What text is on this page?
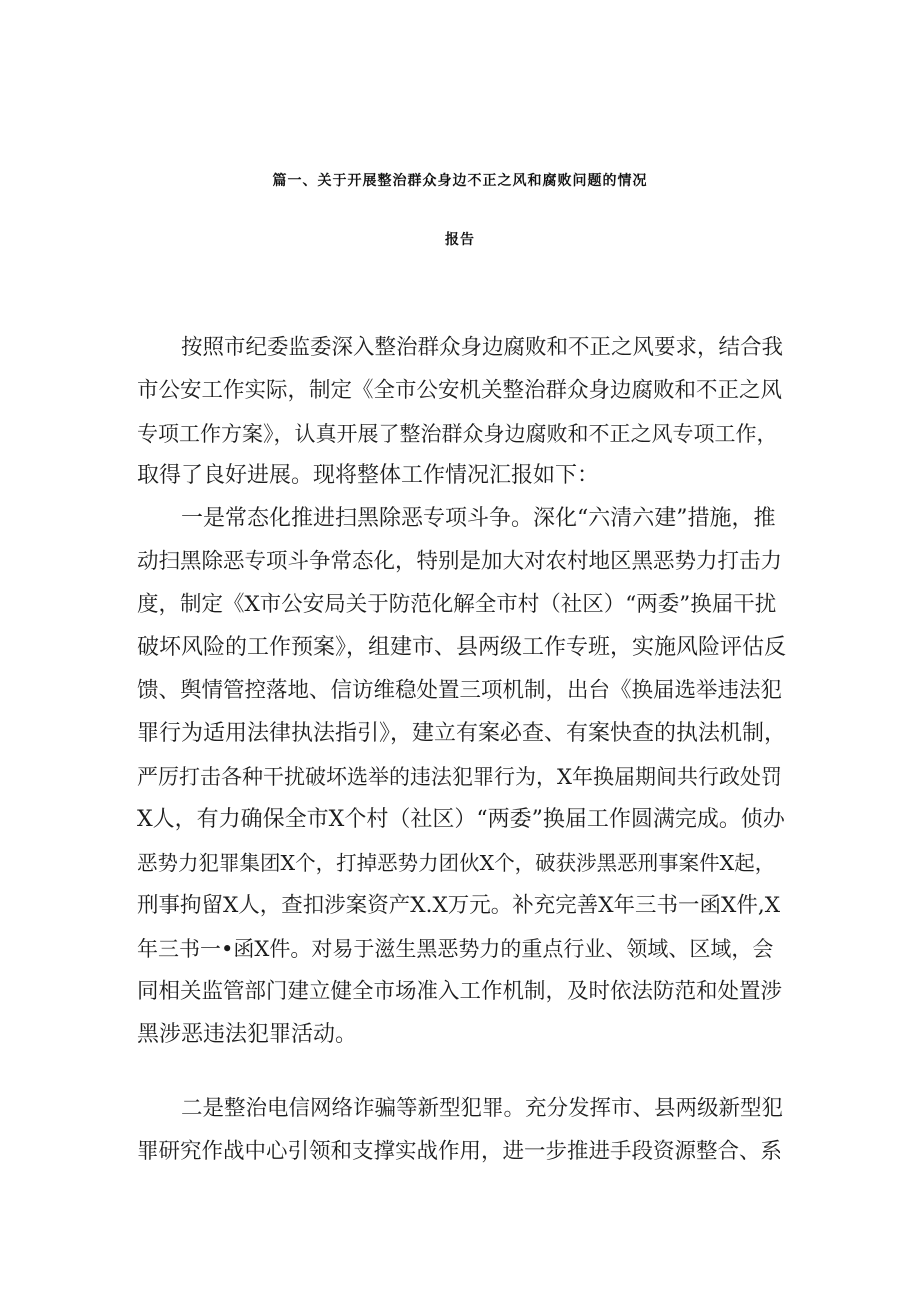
篇一、关于开展整治群众身边不正之风和腐败问题的情况
报告
按照市纪委监委深入整治群众身边腐败和不正之风要求，结合我
市公安工作实际，制定《全市公安机关整治群众身边腐败和不正之风
专项工作方案》，认真开展了整治群众身边腐败和不正之风专项工作，
取得了良好进展。现将整体工作情况汇报如下：
一是常态化推进扫黑除恶专项斗争。深化“六清六建”措施，推
动扫黑除恶专项斗争常态化，特别是加大对农村地区黑恶势力打击力
度，制定《X市公安局关于防范化解全市村（社区）“两委”换届干扰
破坏风险的工作预案》，组建市、县两级工作专班，实施风险评估反
馈、舆情管控落地、信访维稳处置三项机制，出台《换届选举违法犯
罪行为适用法律执法指引》，建立有案必查、有案快查的执法机制，
严厉打击各种干扰破坏选举的违法犯罪行为，X年换届期间共行政处罚
X人，有力确保全市X个村（社区）“两委”换届工作圆满完成。侦办
恶势力犯罪集团X个，打掉恶势力团伙X个，破获涉黑恶刑事案件X起，
刑事拘留X人，查扣涉案资产X.X万元。补充完善X年三书一函X件,X
年三书一•函X件。对易于滋生黑恶势力的重点行业、领域、区域，会
同相关监管部门建立健全市场准入工作机制，及时依法防范和处置涉
黑涉恶违法犯罪活动。
二是整治电信网络诈骗等新型犯罪。充分发挥市、县两级新型犯
罪研究作战中心引领和支撑实战作用，进一步推进手段资源整合、系
